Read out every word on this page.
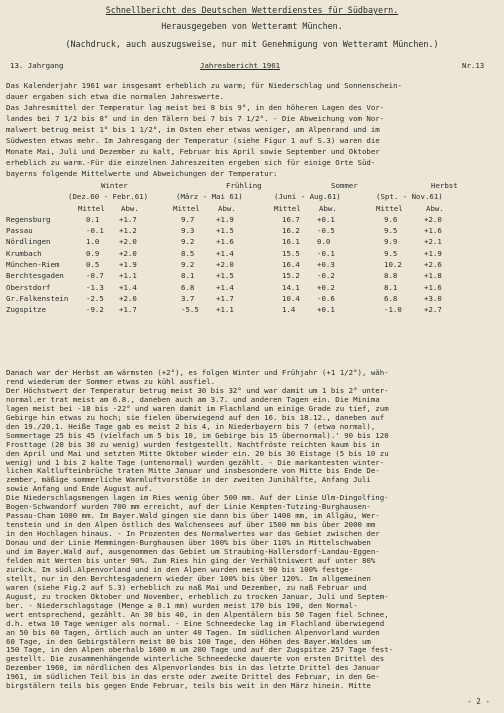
Schnellbericht des Deutschen Wetterdienstes für Südbayern.
Herausgegeben von Wetteramt München.
(Nachdruck, auch auszugsweise, nur mit Genehmigung von Wetteramt München.)
13. Jahrgang	Jahresbericht 1961	Nr.13
Das Kalenderjahr 1961 war insgesamt erheblich zu warm; für Niederschlag und Sonnenschein-
dauer ergaben sich etwa die normalen Jahreswerte.
Das Jahresmittel der Temperatur lag meist bei 8 bis 9°, in den höheren Lagen des Vor-
landes bei 7 1/2 bis 8° und in den Tälern bei 7 bis 7 1/2°. - Die Abweichung vom Nor-
malwert betrug meist 1° bis 1 1/2°, im Osten eher etwas weniger, am Alpenrand und im
Südwesten etwas mehr. Im Jahresgang der Temperatur (siehe Figur 1 auf S.3) waren die
Monate Mai, Juli und Dezember zu kalt, Februar bis April sowie September und Oktober
erheblich zu warm.-Für die einzelnen Jahreszeiten ergeben sich für einige Orte Süd-
bayerns folgende Mittelwerte und Abweichungen der Temperatur:
Winter	Frühling	Sommer	Herbst
(Dez.60 - Febr.61)	(März - Mai 61)	(Juni - Aug.61)	(Spt. - Nov.61)
Mittel Abw.	Mittel Abw.	Mittel Abw.	Mittel	Abw.
Regensburg	0.1	+1.7	9.7	+1.9	16.7 +0.1	9.6	+2.0
Passau	-0.1 +1.2	9.3	+1.5	16.2 -0.5	9.5	+1.6
Nördlingen	1.0	+2.0	9.2	+1.6	16.1 0.0	9.9	+2.1
Krumbach	0.9	+2.0	8.5	+1.4	15.5 -0.1	9.5	+1.9
München-Riem	0.5	+1.9	9.2	+2.0	16.4 +0.3	10.2	+2.6
Berchtesgaden	-0.7 +1.1	8.1	+1.5	15.2 -0.2	8.8	+1.8
Oberstdorf	-1.3 +1.4	6.8	+1.4	14.1 +0.2	8.1	+1.6
Gr.Falkenstein -2.5 +2.0	3.7	+1.7	10.4 -0.6	6.8	+3.0
Zugspitze	-9.2 +1.7	-5.5 +1.1	1.4	+0.1	-1.0	+2.7
Danach war der Herbst am wärmsten (+2°), es folgen Winter und Frühjahr (+1 1/2°), wäh-
rend wiederum der Sommer etwas zu kühl ausfiel.
Der Höchstwert der Temperatur betrug meist 30 bis 32° und war damit um 1 bis 2° unter-
normal.er trat meist am 6.8., daneben auch am 3.7. und anderen Tagen ein. Die Minima
lagen meist bei -18 bis -22° und waren damit im Flachland um einige Grade zu tief, zum
Gebirge hin etwas zu hoch; sie fielen überwiegend auf den 16. bis 18.12., daneben auf
den 19./20.1. Heiße Tage gab es meist 2 bis 4, in Niederbayern bis 7 (etwa normal),
Sommertage 25 bis 45 (vielfach um 5 bis 10, im Gebirge bis 15 übernormal).' 90 bis 120
Frosttage (20 bis 30 zu wenig) wurden festgestellt. Nachtfröste reichten kaum bis in
den April und Mai und setzten Mitte Oktober wieder ein. 20 bis 30 Eistage (5 bis 10 zu
wenig) und 1 bis 2 kalte Tage (untenormal) wurden gezählt. - Die markantesten winter-
lichen Kaltlufteinbrüche traten Mitte Januar und insbesondere von Mitte bis Ende De-
zember, mäßige sommerliche Warmluftvorstöße in der zweiten Junihälfte, Anfang Juli
sowie Anfang und Ende August auf.
Die Niederschlagsmengen lagen im Ries wenig über 500 mm. Auf der Linie Ulm-Dingolfing-
Bogen-Schwandorf wurden 700 mm erreicht, auf der Linie Kempten-Tutzing-Burghausen-
Passau-Cham 1000 mm. Im Bayer.Wald gingen sie dann bis über 1400 mm, im Allgäu, Wer-
tenstein und in den Alpen östlich des Walchensees auf über 1500 mm bis über 2000 mm
in den Hochlagen hinaus. - In Prozenten des Normalwertes war das Gebiet zwischen der
Donau und der Linie Memmingen-Burghausen über 100% bis über 110% in Mittelschwaben
und im Bayer.Wald auf, ausgenommen das Gebiet um Straubing-Hallersdorf-Landau-Eggen-
felden mit Werten bis unter 90%. Zum Ries hin ging der Verhältniswert auf unter 80%
zurück. Im südl.Alpenvorland und in den Alpen wurden meist 90 bis 100% festge-
stellt, nur in den Berchtesgadenern wieder über 100% bis über 120%. Im allgemeinen
waren (siehe Fig.2 auf S.3) erheblich zu naß Mai und Dezember, zu naß Februar und
August, zu trocken Oktober und November, erheblich zu trocken Januar, Juli und Septem-
ber. - Niederschlagstage (Menge ≥ 0.1 mm) wurden meist 170 bis 190, den Normal-
wert entsprechend, gezählt. An 30 bis 40, in den Alpentälern bis 50 Tagen fiel Schnee,
d.h. etwa 10 Tage weniger als normal. - Eine Schneedecke lag im Flachland überwiegend
an 50 bis 60 Tagen, örtlich auch an unter 40 Tagen. Im südlichen Alpenvorland wurden
60 Tage, in den Gebirgstälern meist 80 bis 100 Tage, den Höhen des Bayer.Waldes um
150 Tage, in den Alpen oberhalb 1600 m um 200 Tage und auf der Zugspitze 257 Tage fest-
gestellt. Die zusammenhängende winterliche Schneedecke dauerte von ersten Drittel des
Dezember 1960, im nördlichen des Alpenvorlandes bis in das letzte Drittel des Januar
1961, im südlichen Teil bis in das erste oder zweite Drittel des Februar, in den Ge-
birgstälern teils bis gegen Ende Februar, teils bis weit in den März hinein. Mitte
- 2 -
